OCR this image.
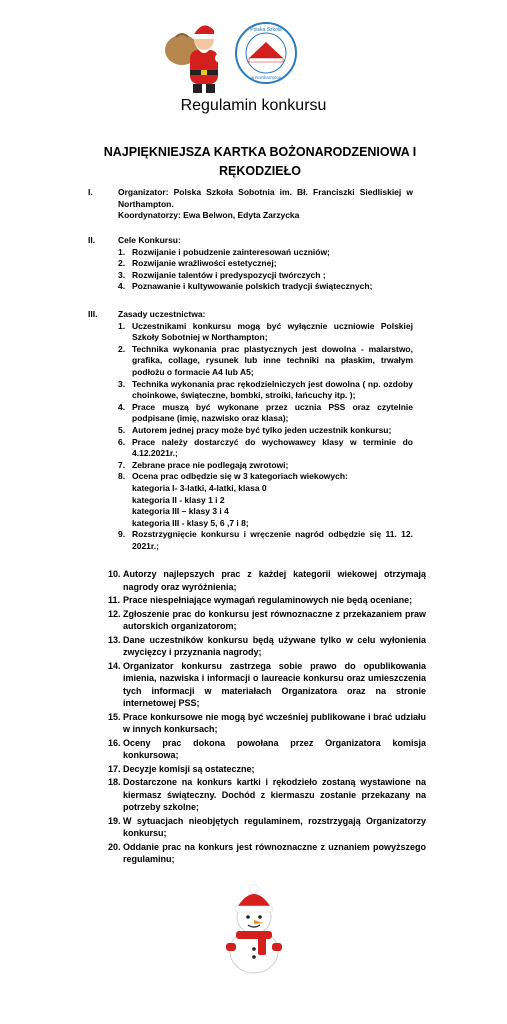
Polska Szkoła
w Northampton
Regulamin konkursu
NAJPIĘKNIEJSZA KARTKA BOŻONARODZENIOWA I
RĘKODZIEŁO
I.	Organizator: Polska Szkoła Sobotnia im. Bł. Franciszki Siedliskiej w
Northampton.
Koordynatorzy: Ewa Belwon, Edyta Zarzycka
II.	Cele Konkursu:
1. Rozwijanie i pobudzenie zainteresowań uczniów;
2. Rozwijanie wrażliwości estetycznej;
3. Rozwijanie talentów i predyspozycji twórczych ;
4. Poznawanie i kultywowanie polskich tradycji świątecznych;
III. Zasady uczestnictwa:
1. Uczestnikami konkursu mogą być wyłącznie uczniowie Polskiej Szkoły Sobotniej w Northampton;
2. Technika wykonania prac plastycznych jest dowolna - malarstwo, grafika, collage, rysunek lub inne techniki na płaskim, trwałym podłożu o formacie A4 lub A5;
3. Technika wykonania prac rękodzielniczych jest dowolna ( np. ozdoby choinkowe, świąteczne, bombki, stroiki, łańcuchy itp. );
4. Prace muszą być wykonane przez ucznia PSS oraz czytelnie podpisane (imię, nazwisko oraz klasa);
5. Autorem jednej pracy może być tylko jeden uczestnik konkursu;
6. Prace należy dostarczyć do wychowawcy klasy w terminie do 4.12.2021r.;
7. Zebrane prace nie podlegają zwrotowi;
8. Ocena prac odbędzie się w 3 kategoriach wiekowych:
kategoria I- 3-latki, 4-latki, klasa 0
kategoria II - klasy 1 i 2
kategoria III – klasy 3 i 4
kategoria III - klasy 5, 6 ,7 i 8;
9. Rozstrzygnięcie konkursu i wręczenie nagród odbędzie się 11. 12. 2021r.;
10. Autorzy najlepszych prac z każdej kategorii wiekowej otrzymają nagrody oraz wyróżnienia;
11. Prace niespełniające wymagań regulaminowych nie będą oceniane;
12. Zgłoszenie prac do konkursu jest równoznaczne z przekazaniem praw autorskich organizatorom;
13. Dane uczestników konkursu będą używane tylko w celu wyłonienia zwycięzcy i przyznania nagrody;
14. Organizator konkursu zastrzega sobie prawo do opublikowania imienia, nazwiska i informacji o laureacie konkursu oraz umieszczenia tych informacji w materiałach Organizatora oraz na stronie internetowej PSS;
15. Prace konkursowe nie mogą być wcześniej publikowane i brać udziału w innych konkursach;
16. Oceny prac dokona powołana przez Organizatora komisja konkursowa;
17. Decyzje komisji są ostateczne;
18. Dostarczone na konkurs kartki i rękodzieło zostaną wystawione na kiermasz świąteczny. Dochód z kiermaszu zostanie przekazany na potrzeby szkolne;
19. W sytuacjach nieobjętych regulaminem, rozstrzygają Organizatorzy konkursu;
20. Oddanie prac na konkurs jest równoznaczne z uznaniem powyższego regulaminu;
